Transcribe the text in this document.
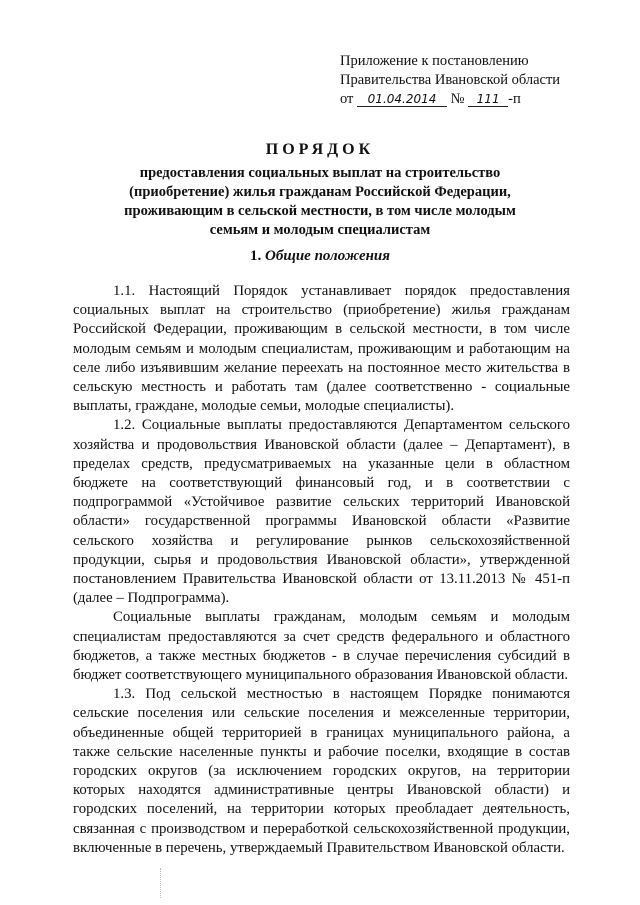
Приложение к постановлению
Правительства Ивановской области
от 01.04.2014 № 111 -п
ПОРЯДОК
предоставления социальных выплат на строительство (приобретение) жилья гражданам Российской Федерации, проживающим в сельской местности, в том числе молодым семьям и молодым специалистам
1. Общие положения

1.1. Настоящий Порядок устанавливает порядок предоставления социальных выплат на строительство (приобретение) жилья гражданам Российской Федерации, проживающим в сельской местности, в том числе молодым семьям и молодым специалистам, проживающим и работающим на селе либо изъявившим желание переехать на постоянное место жительства в сельскую местность и работать там (далее соответственно - социальные выплаты, граждане, молодые семьи, молодые специалисты).

1.2. Социальные выплаты предоставляются Департаментом сельского хозяйства и продовольствия Ивановской области (далее – Департамент), в пределах средств, предусматриваемых на указанные цели в областном бюджете на соответствующий финансовый год, и в соответствии с подпрограммой «Устойчивое развитие сельских территорий Ивановской области» государственной программы Ивановской области «Развитие сельского хозяйства и регулирование рынков сельскохозяйственной продукции, сырья и продовольствия Ивановской области», утвержденной постановлением Правительства Ивановской области от 13.11.2013 № 451-п (далее – Подпрограмма).

Социальные выплаты гражданам, молодым семьям и молодым специалистам предоставляются за счет средств федерального и областного бюджетов, а также местных бюджетов - в случае перечисления субсидий в бюджет соответствующего муниципального образования Ивановской области.

1.3. Под сельской местностью в настоящем Порядке понимаются сельские поселения или сельские поселения и межселенные территории, объединенные общей территорией в границах муниципального района, а также сельские населенные пункты и рабочие поселки, входящие в состав городских округов (за исключением городских округов, на территории которых находятся административные центры Ивановской области) и городских поселений, на территории которых преобладает деятельность, связанная с производством и переработкой сельскохозяйственной продукции, включенные в перечень, утверждаемый Правительством Ивановской области.
